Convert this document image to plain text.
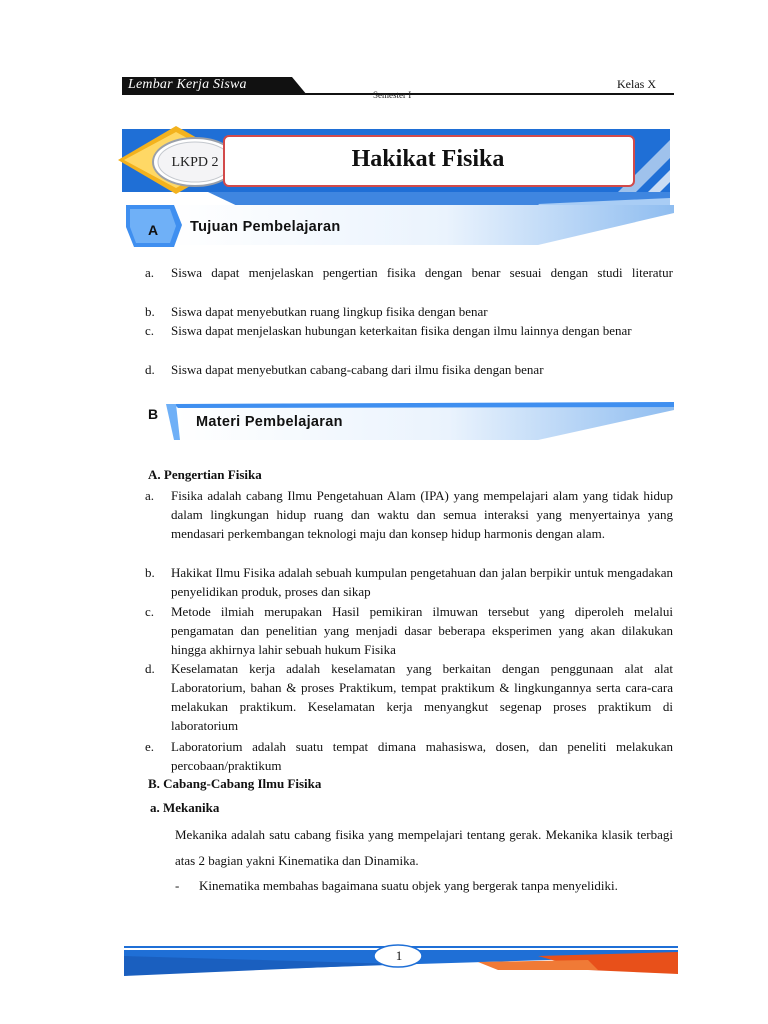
Lembar Kerja Siswa	Kelas X
Semester I
LKPD 2	Hakikat Fisika
A Tujuan Pembelajaran
a. Siswa dapat menjelaskan pengertian fisika dengan benar sesuai dengan studi literatur
b. Siswa dapat menyebutkan ruang lingkup fisika dengan benar
c. Siswa dapat menjelaskan hubungan keterkaitan fisika dengan ilmu lainnya dengan benar
d. Siswa dapat menyebutkan cabang-cabang dari ilmu fisika dengan benar
B	Materi Pembelajaran
A. Pengertian Fisika
a. Fisika adalah cabang Ilmu Pengetahuan Alam (IPA) yang mempelajari alam yang tidak hidup dalam lingkungan hidup ruang dan waktu dan semua interaksi yang menyertainya yang mendasari perkembangan teknologi maju dan konsep hidup harmonis dengan alam.
b. Hakikat Ilmu Fisika adalah sebuah kumpulan pengetahuan dan jalan berpikir untuk mengadakan penyelidikan produk, proses dan sikap
c. Metode ilmiah merupakan Hasil pemikiran ilmuwan tersebut yang diperoleh melalui pengamatan dan penelitian yang menjadi dasar beberapa eksperimen yang akan dilakukan hingga akhirnya lahir sebuah hukum Fisika
d. Keselamatan kerja adalah keselamatan yang berkaitan dengan penggunaan alat alat Laboratorium, bahan & proses Praktikum, tempat praktikum & lingkungannya serta cara-cara melakukan praktikum. Keselamatan kerja menyangkut segenap proses praktikum di laboratorium
e. Laboratorium adalah suatu tempat dimana mahasiswa, dosen, dan peneliti melakukan percobaan/praktikum
B. Cabang-Cabang Ilmu Fisika
a. Mekanika
Mekanika adalah satu cabang fisika yang mempelajari tentang gerak. Mekanika klasik terbagi atas 2 bagian yakni Kinematika dan Dinamika.
- Kinematika membahas bagaimana suatu objek yang bergerak tanpa menyelidiki.
1
